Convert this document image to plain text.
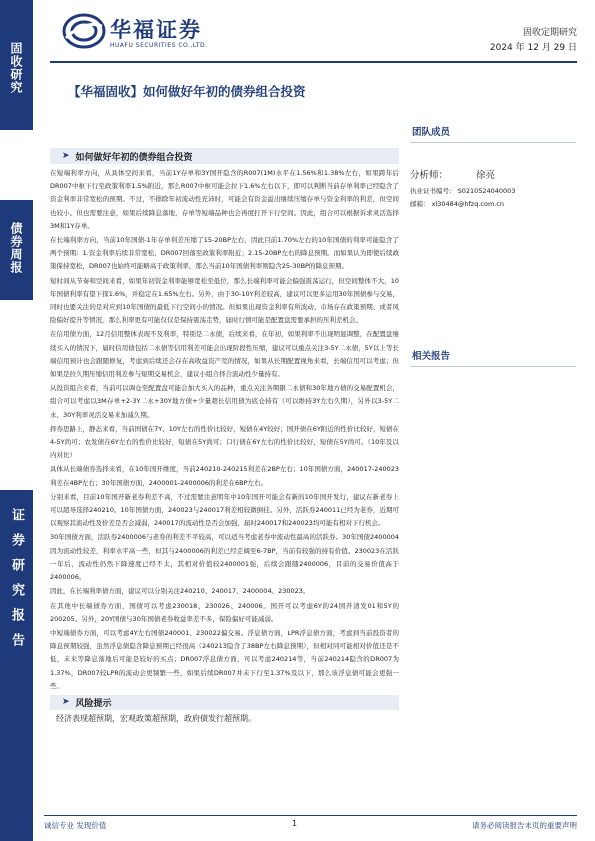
固收研究
债券周报
证券研究报告
华福证券
HUAFU SECURITIES CO.,LTD.
固收定期研究
2024 年 12 月 29 日
【华福固收】如何做好年初的债券组合投资
➤ 如何做好年初的债券组合投资

在短端利率方向，从具体空间来看，当前1Y存单和3Y国开隐含的R007(1M)水平在1.56%和1.38%左右，如果跨年后DR007中枢下行至政策利率1.5%附近，那么R007中枢可能会拉下1.6%左右以下，即可以判断当前存单利率已经隐含了资金利率非常宽松的预期。不过，不排除年初流动性充沛时，可能会有资金溢出继续压缩存单与资金利率的利差，但空间也较小。但也需要注意，如果后续降息落地，存单等短端品种也会再度打开下行空间。因此，组合可以根据诉求灵活选择3M和1Y存单。

在长端利率方向，当前10年国债-1年存单利差压缩了15-20BP左右，因此目前1.70%左右的10年国债的利率可能隐含了两个预期：1.资金利率后续非常宽松，DR007回落至政策利率附近；2.15-20BP左右的降息预期。而如果认为即使后续政策保持宽松，DR007也始终可能略高于政策利率，那么当前10年国债利率则隐含25-30BP的降息预期。

短时间从节奏和空间来看，如果年初资金利率能够宽松至低位，那么长端利率可能会偏强震荡运行，但空间整体不大，10年国债利率有望下探1.6%，并稳定在1.65%左右。另外，由于30-10Y利差较高，建议可以更多运用30年国债参与交易，同时也要关注的是对应到10年国债的最低下行空间小的情况。但如果出现资金利率有所波动、市场存在政策预期、或者风险偏好提升等情况，那么利率更有可能仅仅是保持震荡走势，届时行情可能是配置盘需要承担的压利差机会。

在信用债方面，12月信用整体表现不及利率，特别是二永债，后续来看，在年初，如果利率不出现明显调整，在配置盘继续买入的情况下，届时信用债包括二永债等信用利差可能会出现阶段性压缩，建议可以重点关注3-5Y二永债，5Y以上等长端信用预计也会跟随修复，考虑到后续还会存在高收益资产荒的情况，如果从长期配置视角来看，长端信用可以考虑；但如果是拉久期压缩信用利差参与短期交易机会，建议小组合择合流动性少量持有。

从投资组合来看，当前可以调仓至配置盘可能会加大买入的品种，重点关注各期限二永债和30年地方债的交易配置机会，组合可以考虑以3M存单+2-3Y二永+30Y地方债+少量超长信用债为底仓持有（可以维持3Y左右久期），另外以3-5Y二永、30Y利率灵活交易来加减久期。

择券思路上，静态来看，当前国债在7Y、10Y左右的性价比较好，短债在4Y较好；国开债在6Y附近的性价比较好，短债在4-5Y尚可；农发债在6Y左右的性价比较好，短债在5Y尚可；口行债在6Y左右的性价比较好，短债在5Y尚可。（10年及以内对比）

具体从长端债券选择来看，在10年国开维度，当前240210-240215利差在2BP左右；10年国债方面，240017-240023利差在4BP左右；30年国债方面，2400001-2400006的利差在6BP左右。

分别来看，目前10年国开新老券利差不高，不过需要注意明年中10年国开可能会有新的10年国开发行，建议在新老券上可以超导选择240210。10年国债方面，240023与240017利差相较微倒挂。另外，活跃券240011已经为老券，近期可以观察其流动性及价差是否会减弱，240017的流动性是否会加强，届时240017和240023均可能有相对下行机会。

30年国债方面，活跃券2400006与老券的利差不平较高，可以适当考虑老券中流动性最高的活跃券。30年国债2400004因为流动性较差，利率水平高一些，但其与2400006的利差已经走阔至6-7BP，当前有较强的持有价值。230023在活跃一年后，流动性仍然下降速度已经不太，其相对价值较2400001强，后续会跟随2400006，目前的交易价值高于2400006。

因此，在长端利率债方面，建议可以分别关注240210、240017、2400004、230023。

在其他中长端债券方面，国债可以考虑230018、230026、240006。国开可以考虑6Y的24国开清发01和5Y的200205。另外，20Y国债与30年国债老券收益率差不多，保险偏好可能减弱。

中短端债券方面，可以考虑4Y左右国债240001、230022偏交易。浮息债方面，LPR浮息债方面，考虑到当前投资者的降息预期较强，虽然浮息债隐含降息预期已经很高（240213隐含了38BP左右降息预期），但相对同可能相对价值还是不低，未来等降息落地后可能是较好的买点；DR007浮息债方面，可以考虑240214等，当前240214隐含的DR007为1.37%，DR007较LPR的流动会更频繁一些，如果后续DR007并未下行至1.37%及以下，那么该浮息债可能会更强一些。

➤ 风险提示
经济表现超预期，宏观政策超预期，政府债发行超预期。
团队成员
分析师：	徐亮
执业证书编号： S0210524040003
邮箱： xl30484@hfzq.com.cn
相关报告
诚信专业 发现价值	1	请务必阅读报告末页的重要声明
